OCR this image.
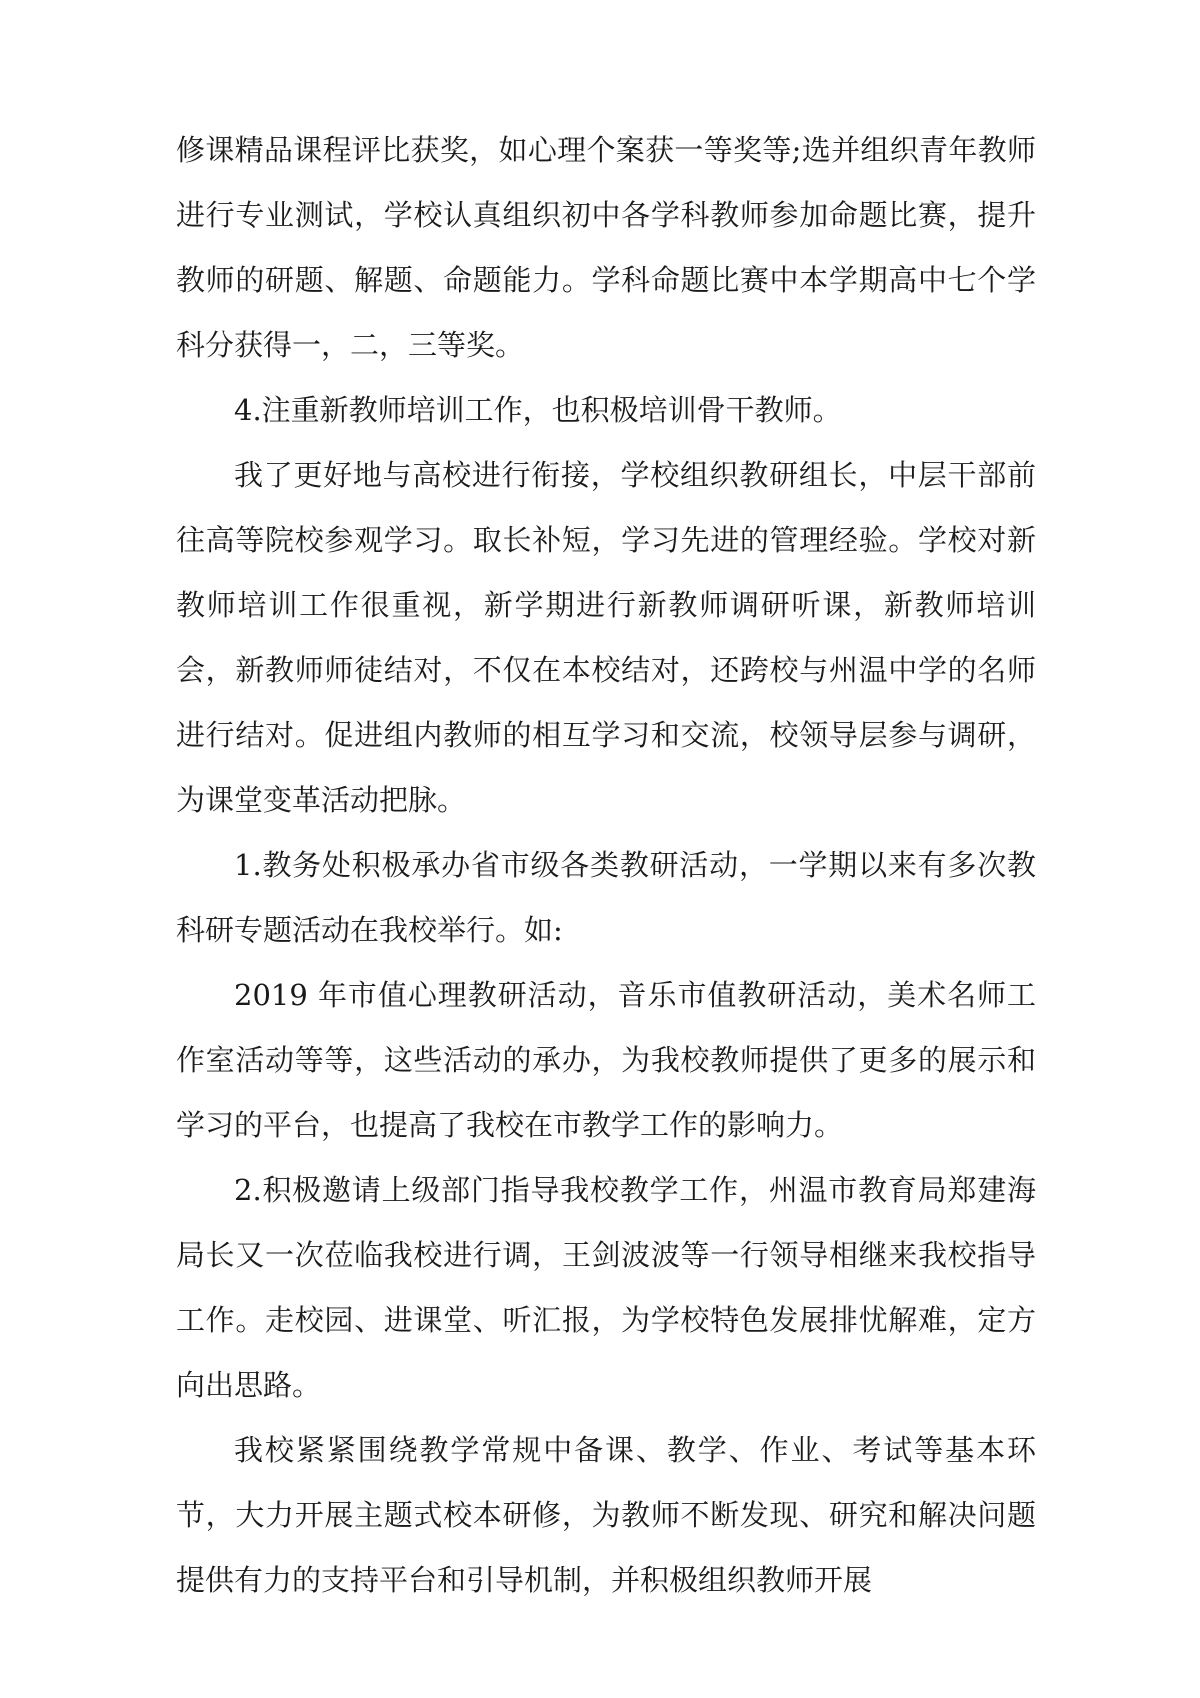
修课精品课程评比获奖，如心理个案获一等奖等;选并组织青年教师进行专业测试，学校认真组织初中各学科教师参加命题比赛，提升教师的研题、解题、命题能力。学科命题比赛中本学期高中七个学科分获得一，二，三等奖。

4.注重新教师培训工作，也积极培训骨干教师。

我了更好地与高校进行衔接，学校组织教研组长，中层干部前往高等院校参观学习。取长补短，学习先进的管理经验。学校对新教师培训工作很重视，新学期进行新教师调研听课，新教师培训会，新教师师徒结对，不仅在本校结对，还跨校与州温中学的名师进行结对。促进组内教师的相互学习和交流，校领导层参与调研，为课堂变革活动把脉。

1.教务处积极承办省市级各类教研活动，一学期以来有多次教科研专题活动在我校举行。如:

2019 年市值心理教研活动，音乐市值教研活动，美术名师工作室活动等等，这些活动的承办，为我校教师提供了更多的展示和学习的平台，也提高了我校在市教学工作的影响力。

2.积极邀请上级部门指导我校教学工作，州温市教育局郑建海局长又一次莅临我校进行调，王剑波波等一行领导相继来我校指导工作。走校园、进课堂、听汇报，为学校特色发展排忧解难，定方向出思路。

我校紧紧围绕教学常规中备课、教学、作业、考试等基本环节，大力开展主题式校本研修，为教师不断发现、研究和解决问题提供有力的支持平台和引导机制，并积极组织教师开展
